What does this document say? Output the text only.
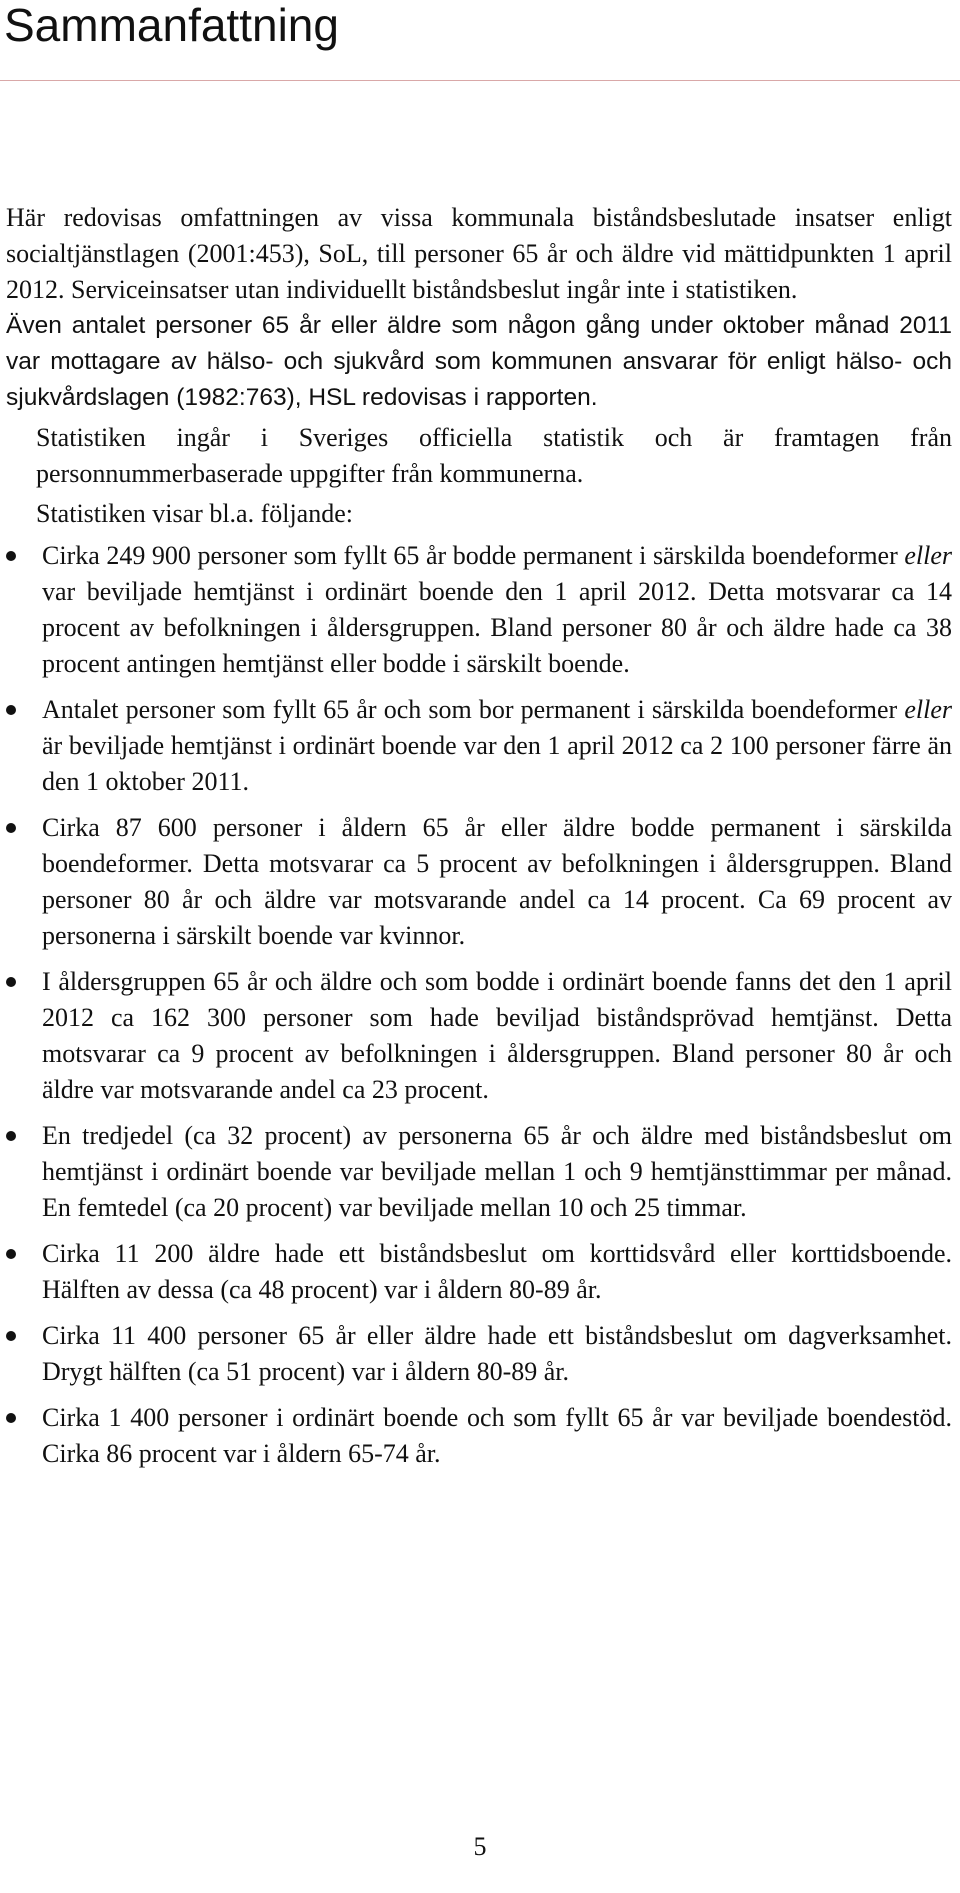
Sammanfattning

Här redovisas omfattningen av vissa kommunala biståndsbeslutade insatser enligt socialtjänstlagen (2001:453), SoL, till personer 65 år och äldre vid mättidpunkten 1 april 2012. Serviceinsatser utan individuellt biståndsbeslut ingår inte i statistiken.

Även antalet personer 65 år eller äldre som någon gång under oktober månad 2011 var mottagare av hälso- och sjukvård som kommunen ansvarar för enligt hälso- och sjukvårdslagen (1982:763), HSL redovisas i rapporten.

Statistiken ingår i Sveriges officiella statistik och är framtagen från personnummerbaserade uppgifter från kommunerna.

Statistiken visar bl.a. följande:

Cirka 249 900 personer som fyllt 65 år bodde permanent i särskilda boendeformer eller var beviljade hemtjänst i ordinärt boende den 1 april 2012. Detta motsvarar ca 14 procent av befolkningen i åldersgruppen. Bland personer 80 år och äldre hade ca 38 procent antingen hemtjänst eller bodde i särskilt boende.
Antalet personer som fyllt 65 år och som bor permanent i särskilda boendeformer eller är beviljade hemtjänst i ordinärt boende var den 1 april 2012 ca 2 100 personer färre än den 1 oktober 2011.
Cirka 87 600 personer i åldern 65 år eller äldre bodde permanent i särskilda boendeformer. Detta motsvarar ca 5 procent av befolkningen i åldersgruppen. Bland personer 80 år och äldre var motsvarande andel ca 14 procent. Ca 69 procent av personerna i särskilt boende var kvinnor.
I åldersgruppen 65 år och äldre och som bodde i ordinärt boende fanns det den 1 april 2012 ca 162 300 personer som hade beviljad biståndsprövad hemtjänst. Detta motsvarar ca 9 procent av befolkningen i åldersgruppen. Bland personer 80 år och äldre var motsvarande andel ca 23 procent.
En tredjedel (ca 32 procent) av personerna 65 år och äldre med biståndsbeslut om hemtjänst i ordinärt boende var beviljade mellan 1 och 9 hemtjänsttimmar per månad. En femtedel (ca 20 procent) var beviljade mellan 10 och 25 timmar.
Cirka 11 200 äldre hade ett biståndsbeslut om korttidsvård eller korttidsboende. Hälften av dessa (ca 48 procent) var i åldern 80-89 år.
Cirka 11 400 personer 65 år eller äldre hade ett biståndsbeslut om dagverksamhet. Drygt hälften (ca 51 procent) var i åldern 80-89 år.
Cirka 1 400 personer i ordinärt boende och som fyllt 65 år var beviljade boendestöd. Cirka 86 procent var i åldern 65-74 år.
5
